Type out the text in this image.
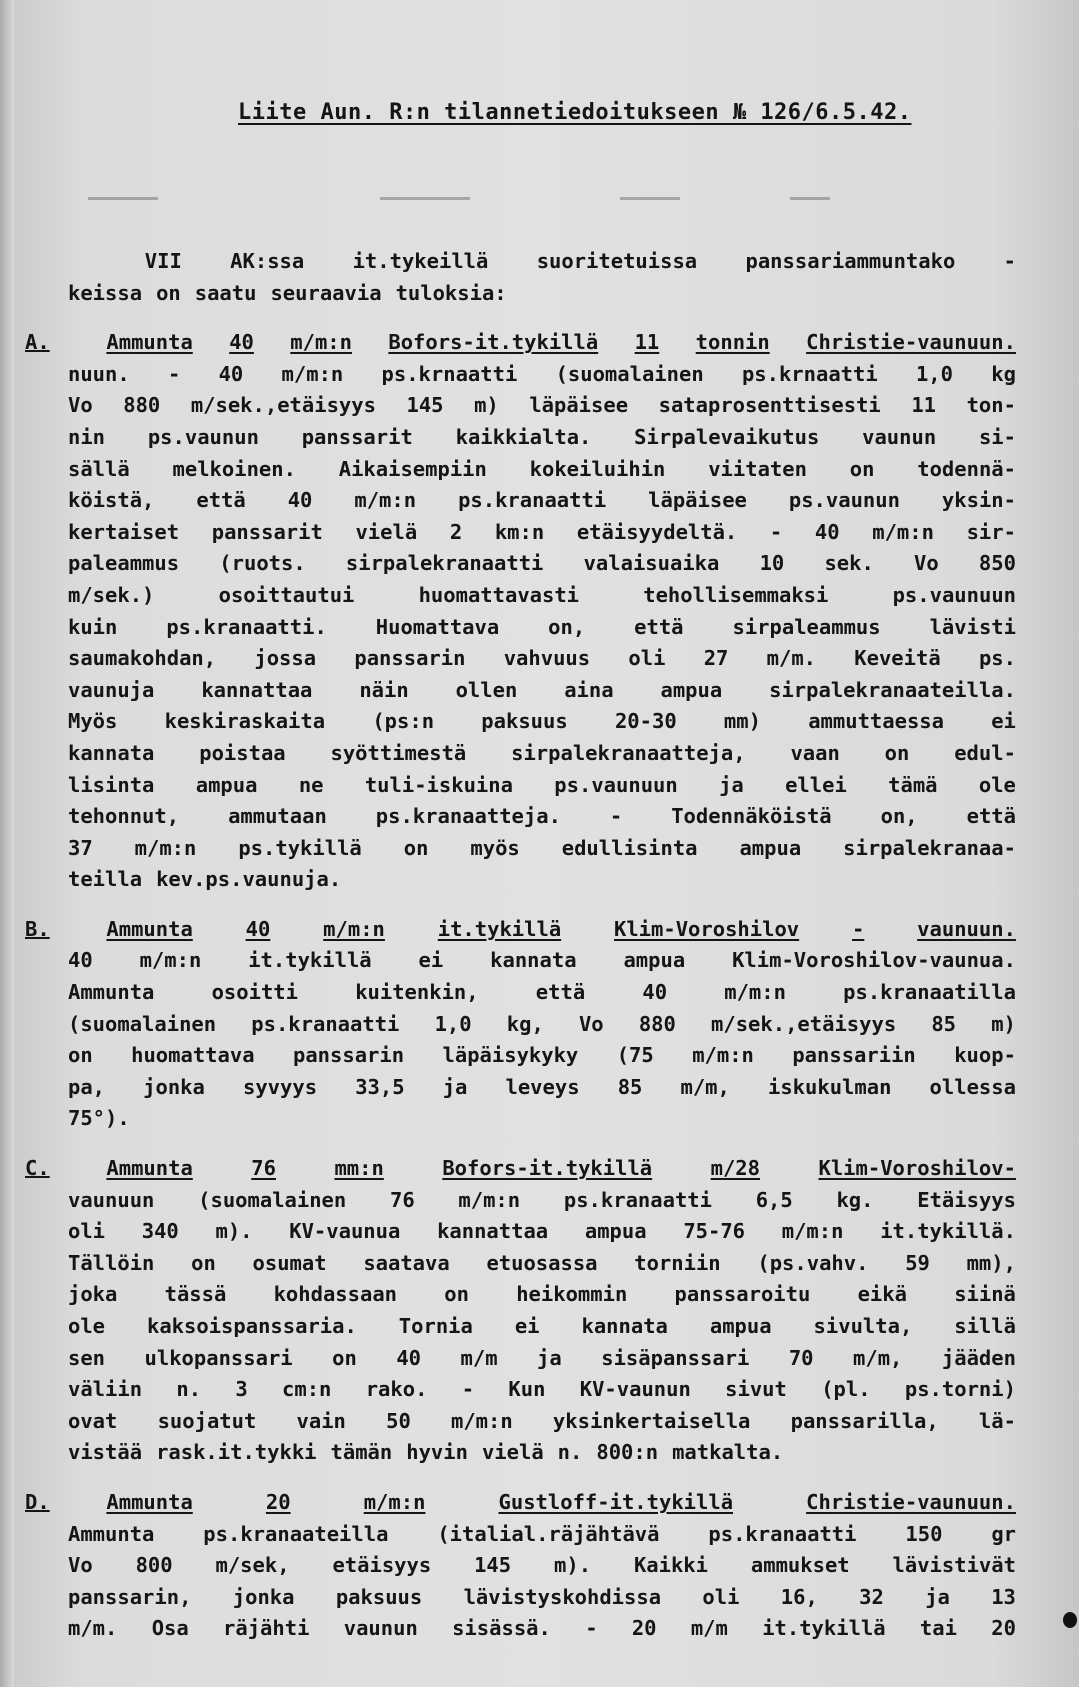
Liite Aun. R:n tilannetiedoitukseen № 126/6.5.42.
VII AK:ssa it.tykeillä suoritetuissa panssariammuntako -
keissa on saatu seuraavia tuloksia:
A.	Ammunta 40 m/m:n Bofors-it.tykillä 11 tonnin Christie-vaunuun.
nuun. - 40 m/m:n ps.krnaatti (suomalainen ps.krnaatti 1,0 kg
Vo 880 m/sek.,etäisyys 145 m) läpäisee sataprosenttisesti 11 ton-
nin ps.vaunun panssarit kaikkialta. Sirpalevaikutus vaunun si-
sällä melkoinen. Aikaisempiin kokeiluihin viitaten on todennä-
köistä, että 40 m/m:n ps.kranaatti läpäisee ps.vaunun yksin-
kertaiset panssarit vielä 2 km:n etäisyydeltä. - 40 m/m:n sir-
paleammus (ruots. sirpalekranaatti valaisuaika 10 sek. Vo 850
m/sek.)	osoittautui	huomattavasti	tehollisemmaksi	ps.vaunuun
kuin ps.kranaatti. Huomattava on, että sirpaleammus lävisti
saumakohdan, jossa panssarin vahvuus oli 27 m/m. Keveitä ps.
vaunuja kannattaa näin ollen aina ampua sirpalekranaateilla.
Myös keskiraskaita (ps:n paksuus 20-30 mm) ammuttaessa ei
kannata poistaa syöttimestä sirpalekranaatteja, vaan on edul-
lisinta ampua ne tuli-iskuina ps.vaunuun ja ellei tämä ole
tehonnut, ammutaan ps.kranaatteja. - Todennäköistä on, että
37 m/m:n ps.tykillä on myös edullisinta ampua sirpalekranaa-
teilla kev.ps.vaunuja.
B.	Ammunta	40	m/m:n	it.tykillä	Klim-Voroshilov	-	vaunuun.
40 m/m:n it.tykillä ei kannata ampua Klim-Voroshilov-vaunua.
Ammunta	osoitti	kuitenkin,	että	40	m/m:n	ps.kranaatilla
(suomalainen ps.kranaatti 1,0 kg, Vo 880 m/sek.,etäisyys 85 m)
on huomattava panssarin läpäisykyky (75 m/m:n panssariin kuop-
pa, jonka syvyys 33,5 ja leveys 85 m/m, iskukulman ollessa
75°).
C.	Ammunta	76	mm:n	Bofors-it.tykillä	m/28	Klim-Voroshilov-
vaunuun (suomalainen 76 m/m:n ps.kranaatti 6,5 kg. Etäisyys
oli 340 m). KV-vaunua kannattaa ampua 75-76 m/m:n it.tykillä.
Tällöin on osumat saatava etuosassa torniin (ps.vahv. 59 mm),
joka tässä kohdassaan on heikommin panssaroitu eikä siinä
ole kaksoispanssaria. Tornia ei kannata ampua sivulta, sillä
sen ulkopanssari on 40 m/m ja sisäpanssari 70 m/m, jääden
väliin n. 3 cm:n rako. - Kun KV-vaunun sivut (pl. ps.torni)
ovat suojatut vain 50 m/m:n yksinkertaisella panssarilla, lä-
vistää rask.it.tykki tämän hyvin vielä n. 800:n matkalta.
D.	Ammunta	20	m/m:n	Gustloff-it.tykillä	Christie-vaunuun.
Ammunta ps.kranaateilla (italial.räjähtävä ps.kranaatti 150 gr
Vo 800 m/sek, etäisyys 145 m). Kaikki ammukset lävistivät
panssarin, jonka paksuus lävistyskohdissa oli 16, 32 ja 13
m/m. Osa räjähti vaunun sisässä. - 20 m/m it.tykillä tai 20
